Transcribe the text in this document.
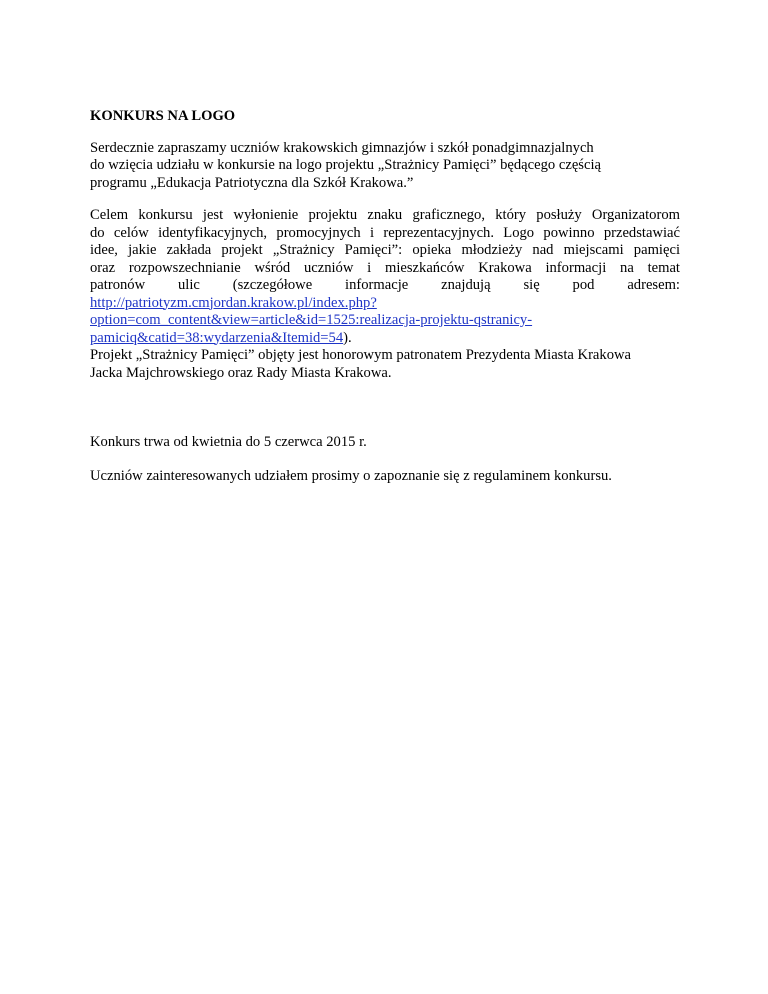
KONKURS NA LOGO

Serdecznie zapraszamy uczniów krakowskich gimnazjów i szkół ponadgimnazjalnych
do wzięcia udziału w konkursie na logo projektu „Strażnicy Pamięci” będącego częścią
programu „Edukacja Patriotyczna dla Szkół Krakowa.”

Celem konkursu jest wyłonienie projektu znaku graficznego, który posłuży Organizatorom
do celów identyfikacyjnych, promocyjnych i reprezentacyjnych. Logo powinno przedstawiać
idee, jakie zakłada projekt „Strażnicy Pamięci”: opieka młodzieży nad miejscami pamięci
oraz rozpowszechnianie wśród uczniów i mieszkańców Krakowa informacji na temat
patronów ulic (szczegółowe informacje znajdują się pod adresem:
http://patriotyzm.cmjordan.krakow.pl/index.php?
option=com_content&view=article&id=1525:realizacja-projektu-qstranicy-
pamiciq&catid=38:wydarzenia&Itemid=54).
Projekt „Strażnicy Pamięci” objęty jest honorowym patronatem Prezydenta Miasta Krakowa
Jacka Majchrowskiego oraz Rady Miasta Krakowa.

Konkurs trwa od kwietnia do 5 czerwca 2015 r.

Uczniów zainteresowanych udziałem prosimy o zapoznanie się z regulaminem konkursu.
